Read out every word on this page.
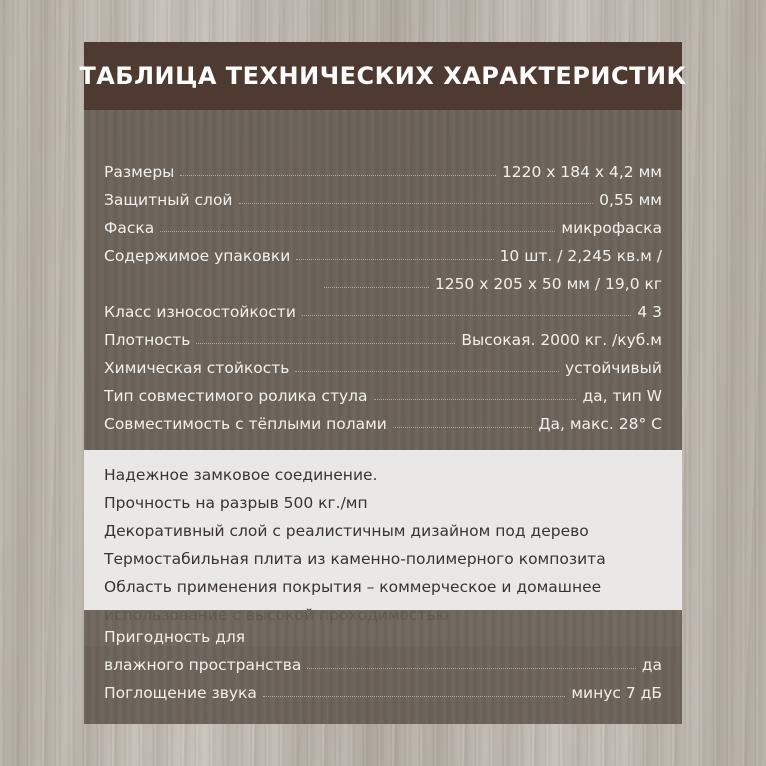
ТАБЛИЦА ТЕХНИЧЕСКИХ ХАРАКТЕРИСТИК
Размеры	1220 х 184 х 4,2 мм
Защитный слой	0,55 мм
Фаска	микрофаска
Содержимое упаковки	10 шт. / 2,245 кв.м /
1250 х 205 х 50 мм / 19,0 кг
Класс износостойкости	4 3
Плотность	Высокая. 2000 кг. /куб.м
Химическая стойкость	устойчивый
Тип совместимого ролика стула	да, тип W
Совместимость с тёплыми полами	Да, макс. 28° С
Надежное замковое соединение.
Прочность на разрыв 500 кг./мп
Декоративный слой с реалистичным дизайном под дерево
Термостабильная плита из каменно-полимерного композита
Область применения покрытия – коммерческое и домашнее
Пригодность для
влажного пространства	да
Поглощение звука	минус 7 дБ
